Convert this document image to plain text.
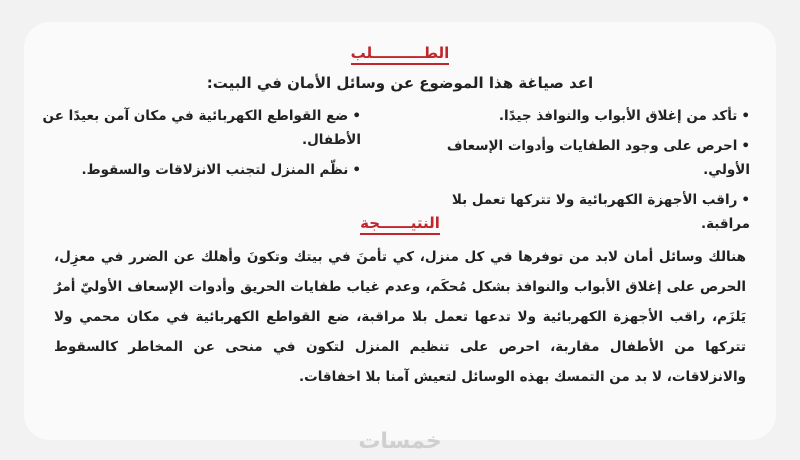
الطــــــــــلب
اعد صياغة هذا الموضوع عن وسائل الأمان في البيت:
•تأكد من إغلاق الأبواب والنوافذ جيدًا.
•احرص على وجود الطفايات وأدوات الإسعاف الأولي.
•راقب الأجهزة الكهربائية ولا تتركها تعمل بلا مراقبة.
•ضع القواطع الكهربائية في مكان آمن بعيدًا عن الأطفال.
•نظّم المنزل لتجنب الانزلاقات والسقوط.
النتيــــــجة
هنالك وسائل أمان لابد من توفرها في كل منزل، كي تأمنَ في بيتك وتكونَ وأهلك عن الضرر في معزِل، الحرص على إغلاق الأبواب والنوافذ بشكل مُحكَم، وعدم غياب طفايات الحريق وأدوات الإسعاف الأوليّ أمرٌ يَلزَم، راقب الأجهزة الكهربائية ولا تدعها تعمل بلا مراقبة، ضع القواطع الكهربائية في مكان محمي ولا تتركها من الأطفال مقاربة، احرص على تنظيم المنزل لتكون في منحى عن المخاطر كالسقوط والانزلاقات، لا بد من التمسك بهذه الوسائل لتعيش آمنا بلا اخفاقات.
خمسات
